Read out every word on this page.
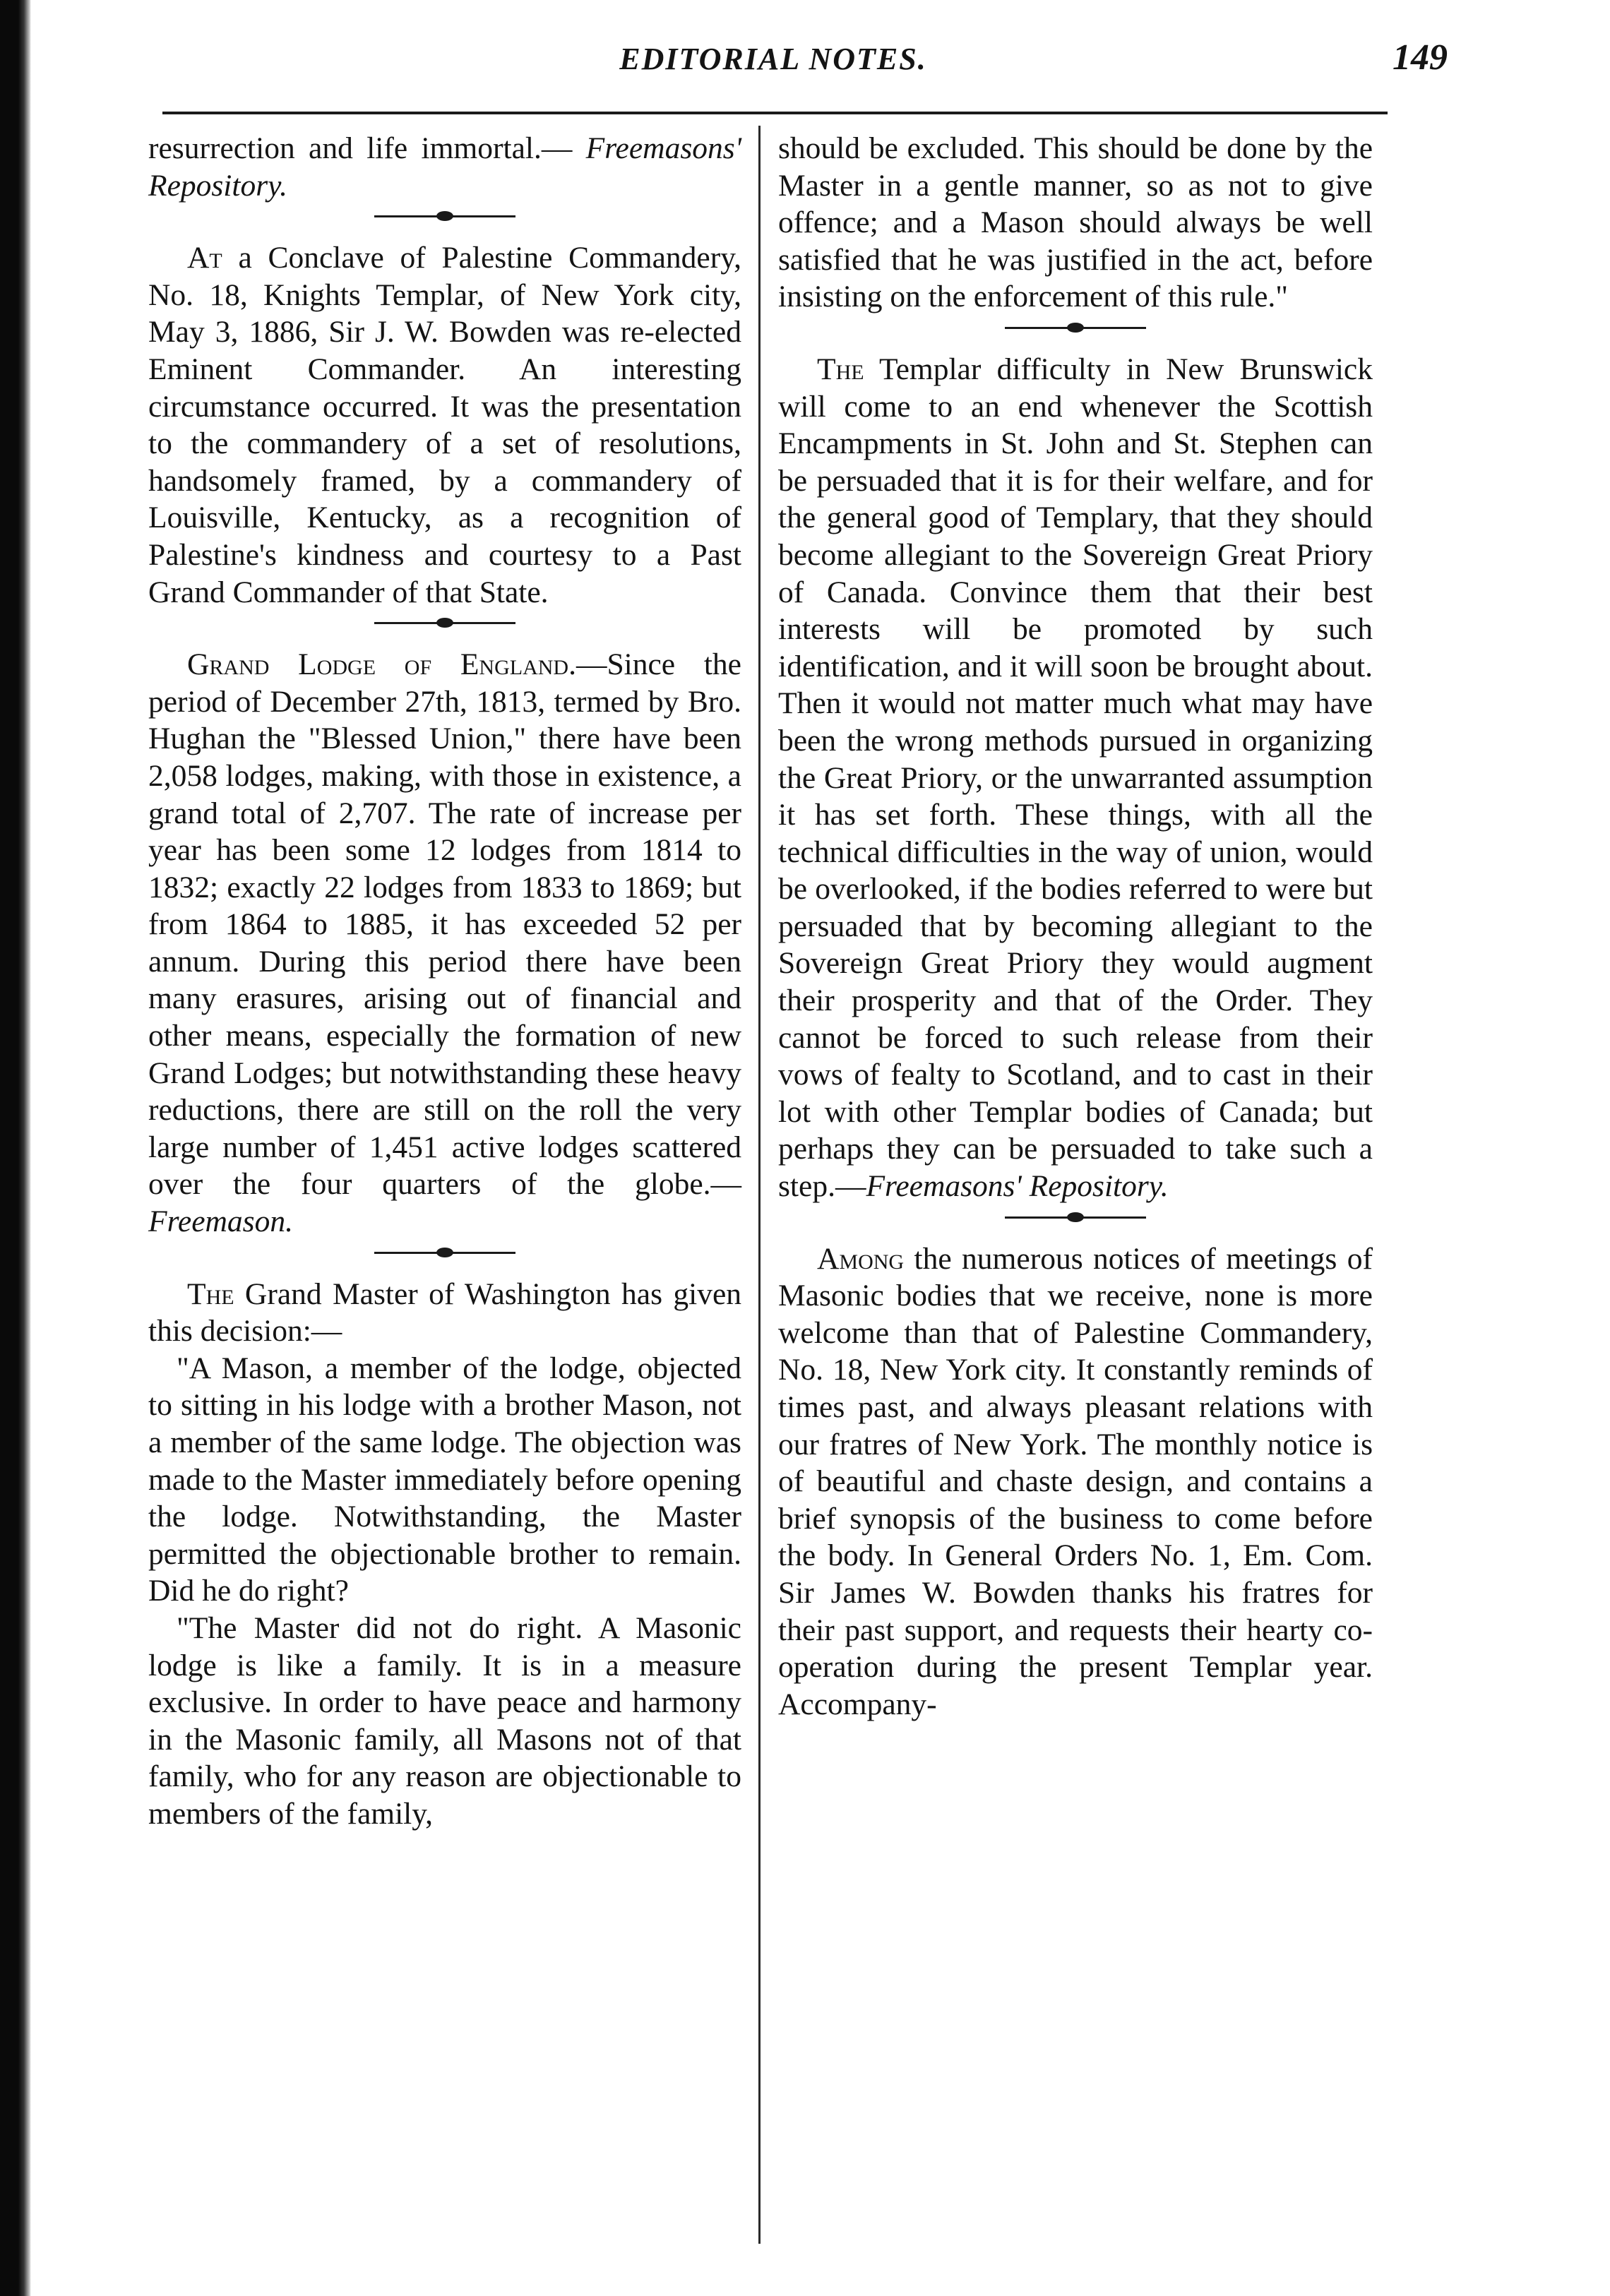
EDITORIAL NOTES.	149

resurrection and life immortal.— Freemasons' Repository.

At a Conclave of Palestine Commandery, No. 18, Knights Templar, of New York city, May 3, 1886, Sir J. W. Bowden was re-elected Eminent Commander. An interesting circumstance occurred. It was the presentation to the commandery of a set of resolutions, handsomely framed, by a commandery of Louisville, Kentucky, as a recognition of Palestine's kindness and courtesy to a Past Grand Commander of that State.

Grand Lodge of England.—Since the period of December 27th, 1813, termed by Bro. Hughan the "Blessed Union," there have been 2,058 lodges, making, with those in existence, a grand total of 2,707. The rate of increase per year has been some 12 lodges from 1814 to 1832; exactly 22 lodges from 1833 to 1869; but from 1864 to 1885, it has exceeded 52 per annum. During this period there have been many erasures, arising out of financial and other means, especially the formation of new Grand Lodges; but notwithstanding these heavy reductions, there are still on the roll the very large number of 1,451 active lodges scattered over the four quarters of the globe.—Freemason.

The Grand Master of Washington has given this decision:—

"A Mason, a member of the lodge, objected to sitting in his lodge with a brother Mason, not a member of the same lodge. The objection was made to the Master immediately before opening the lodge. Notwithstanding, the Master permitted the objectionable brother to remain. Did he do right?

"The Master did not do right. A Masonic lodge is like a family. It is in a measure exclusive. In order to have peace and harmony in the Masonic family, all Masons not of that family, who for any reason are objectionable to members of the family,

should be excluded. This should be done by the Master in a gentle manner, so as not to give offence; and a Mason should always be well satisfied that he was justified in the act, before insisting on the enforcement of this rule."

The Templar difficulty in New Brunswick will come to an end whenever the Scottish Encampments in St. John and St. Stephen can be persuaded that it is for their welfare, and for the general good of Templary, that they should become allegiant to the Sovereign Great Priory of Canada. Convince them that their best interests will be promoted by such identification, and it will soon be brought about. Then it would not matter much what may have been the wrong methods pursued in organizing the Great Priory, or the unwarranted assumption it has set forth. These things, with all the technical difficulties in the way of union, would be overlooked, if the bodies referred to were but persuaded that by becoming allegiant to the Sovereign Great Priory they would augment their prosperity and that of the Order. They cannot be forced to such release from their vows of fealty to Scotland, and to cast in their lot with other Templar bodies of Canada; but perhaps they can be persuaded to take such a step.—Freemasons' Repository.

Among the numerous notices of meetings of Masonic bodies that we receive, none is more welcome than that of Palestine Commandery, No. 18, New York city. It constantly reminds of times past, and always pleasant relations with our fratres of New York. The monthly notice is of beautiful and chaste design, and contains a brief synopsis of the business to come before the body. In General Orders No. 1, Em. Com. Sir James W. Bowden thanks his fratres for their past support, and requests their hearty co-operation during the present Templar year. Accompany-
